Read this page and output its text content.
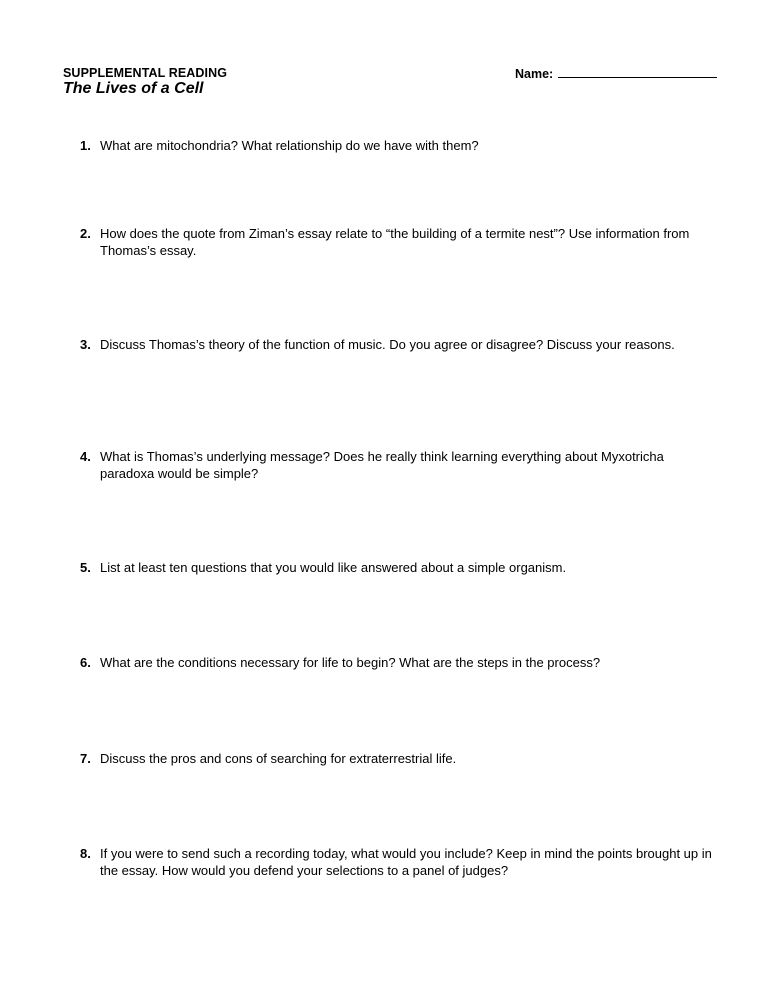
SUPPLEMENTAL READING
The Lives of a Cell
Name:
1. What are mitochondria? What relationship do we have with them?
2. How does the quote from Ziman’s essay relate to “the building of a termite nest”? Use information from Thomas’s essay.
3. Discuss Thomas’s theory of the function of music. Do you agree or disagree? Discuss your reasons.
4. What is Thomas’s underlying message? Does he really think learning everything about Myxotricha paradoxa would be simple?
5. List at least ten questions that you would like answered about a simple organism.
6. What are the conditions necessary for life to begin? What are the steps in the process?
7. Discuss the pros and cons of searching for extraterrestrial life.
8. If you were to send such a recording today, what would you include? Keep in mind the points brought up in the essay. How would you defend your selections to a panel of judges?
